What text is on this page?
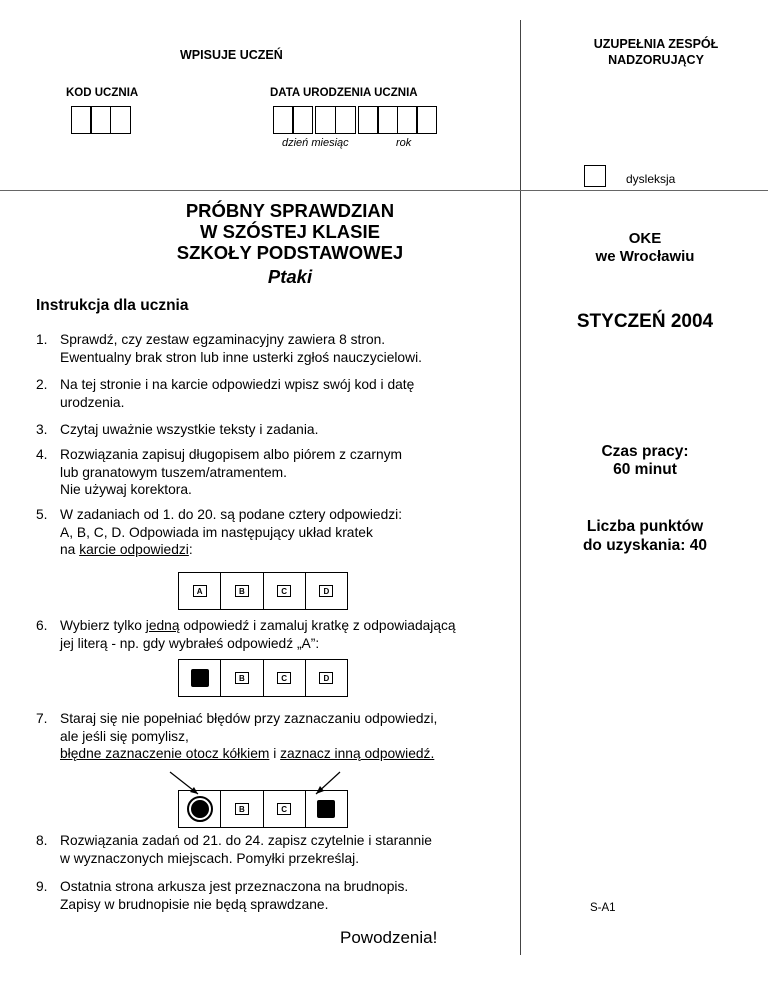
WPISUJE UCZEŃ
KOD UCZNIA	DATA URODZENIA UCZNIA
dzień miesiąc	rok
UZUPEŁNIA ZESPÓŁ NADZORUJĄCY
dysleksja
PRÓBNY SPRAWDZIAN
W SZÓSTEJ KLASIE
SZKOŁY PODSTAWOWEJ
Ptaki
OKE
we Wrocławiu
STYCZEŃ 2004
Czas pracy:
60 minut
Liczba punktów
do uzyskania: 40
S-A1
Instrukcja dla ucznia
1. Sprawdź, czy zestaw egzaminacyjny zawiera 8 stron.
Ewentualny brak stron lub inne usterki zgłoś nauczycielowi.
2. Na tej stronie i na karcie odpowiedzi wpisz swój kod i datę
urodzenia.
3. Czytaj uważnie wszystkie teksty i zadania.
4. Rozwiązania zapisuj długopisem albo piórem z czarnym
lub granatowym tuszem/atramentem.
Nie używaj korektora.
5. W zadaniach od 1. do 20. są podane cztery odpowiedzi:
A, B, C, D. Odpowiada im następujący układ kratek
na karcie odpowiedzi:
A	B	C	D
6. Wybierz tylko jedną odpowiedź i zamaluj kratkę z odpowiadającą
jej literą - np. gdy wybrałeś odpowiedź „A”:
A	B	C	D
7. Staraj się nie popełniać błędów przy zaznaczaniu odpowiedzi,
ale jeśli się pomylisz,
błędne zaznaczenie otocz kółkiem i zaznacz inną odpowiedź.
A	B	C	D
8. Rozwiązania zadań od 21. do 24. zapisz czytelnie i starannie
w wyznaczonych miejscach. Pomyłki przekreślaj.
9. Ostatnia strona arkusza jest przeznaczona na brudnopis.
Zapisy w brudnopisie nie będą sprawdzane.
Powodzenia!
